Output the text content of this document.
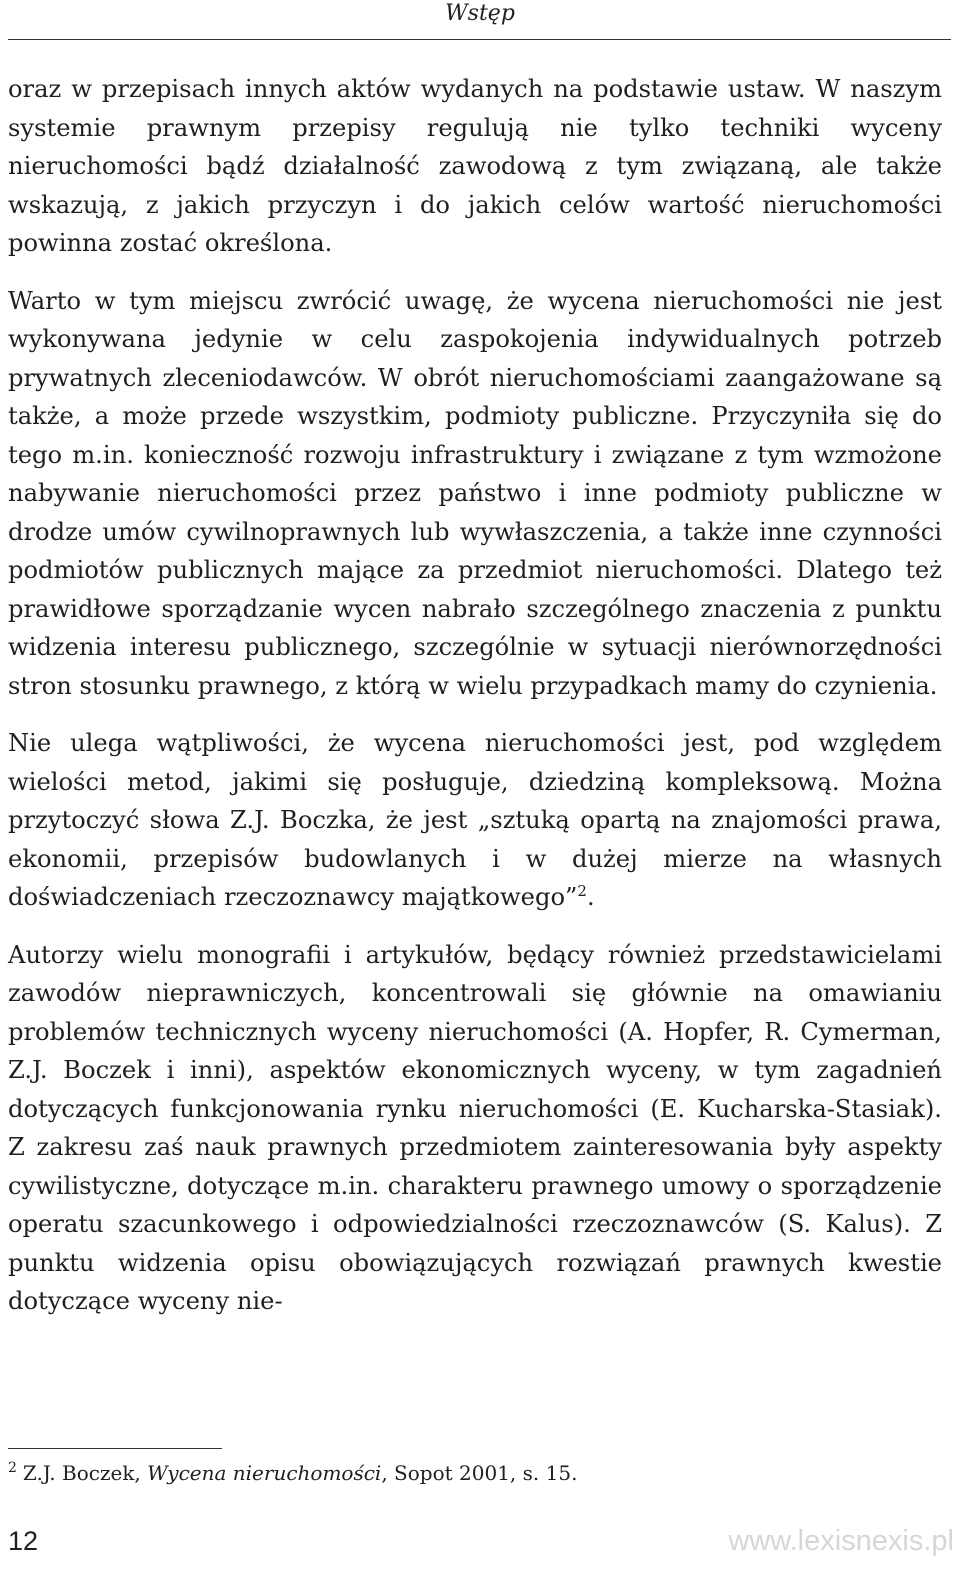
Wstęp

oraz w przepisach innych aktów wydanych na podstawie ustaw. W naszym systemie prawnym przepisy regulują nie tylko techniki wyceny nieruchomości bądź działalność zawodową z tym związaną, ale także wskazują, z jakich przyczyn i do jakich celów wartość nieruchomości powinna zostać określona.

Warto w tym miejscu zwrócić uwagę, że wycena nieruchomości nie jest wykonywana jedynie w celu zaspokojenia indywidualnych potrzeb prywatnych zleceniodawców. W obrót nieruchomościami zaangażowane są także, a może przede wszystkim, podmioty publiczne. Przyczyniła się do tego m.in. konieczność rozwoju infrastruktury i związane z tym wzmożone nabywanie nieruchomości przez państwo i inne podmioty publiczne w drodze umów cywilnoprawnych lub wywłaszczenia, a także inne czynności podmiotów publicznych mające za przedmiot nieruchomości. Dlatego też prawidłowe sporządzanie wycen nabrało szczególnego znaczenia z punktu widzenia interesu publicznego, szczególnie w sytuacji nierównorzędności stron stosunku prawnego, z którą w wielu przypadkach mamy do czynienia.

Nie ulega wątpliwości, że wycena nieruchomości jest, pod względem wielości metod, jakimi się posługuje, dziedziną kompleksową. Można przytoczyć słowa Z.J. Boczka, że jest „sztuką opartą na znajomości prawa, ekonomii, przepisów budowlanych i w dużej mierze na własnych doświadczeniach rzeczoznawcy majątkowego”$^2$.

Autorzy wielu monografii i artykułów, będący również przedstawicielami zawodów nieprawniczych, koncentrowali się głównie na omawianiu problemów technicznych wyceny nieruchomości (A. Hopfer, R. Cymerman, Z.J. Boczek i inni), aspektów ekonomicznych wyceny, w tym zagadnień dotyczących funkcjonowania rynku nieruchomości (E. Kucharska-Stasiak). Z zakresu zaś nauk prawnych przedmiotem zainteresowania były aspekty cywilistyczne, dotyczące m.in. charakteru prawnego umowy o sporządzenie operatu szacunkowego i odpowiedzialności rzeczoznawców (S. Kalus). Z punktu widzenia opisu obowiązujących rozwiązań prawnych kwestie dotyczące wyceny nie-

$^2$ Z.J. Boczek, Wycena nieruchomości, Sopot 2001, s. 15.
12	www.lexisnexis.pl
